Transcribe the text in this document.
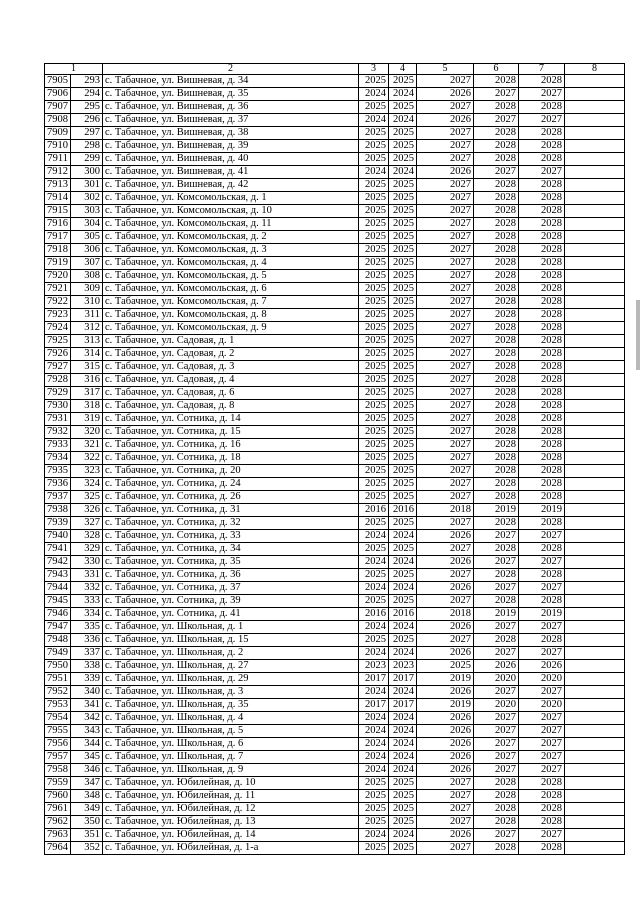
1		2	3	4	5	6	7	8
7905	293	с. Табачное, ул. Вишневая, д. 34	2025	2025	2027	2028	2028	
7906	294	с. Табачное, ул. Вишневая, д. 35	2024	2024	2026	2027	2027	
7907	295	с. Табачное, ул. Вишневая, д. 36	2025	2025	2027	2028	2028	
7908	296	с. Табачное, ул. Вишневая, д. 37	2024	2024	2026	2027	2027	
7909	297	с. Табачное, ул. Вишневая, д. 38	2025	2025	2027	2028	2028	
7910	298	с. Табачное, ул. Вишневая, д. 39	2025	2025	2027	2028	2028	
7911	299	с. Табачное, ул. Вишневая, д. 40	2025	2025	2027	2028	2028	
7912	300	с. Табачное, ул. Вишневая, д. 41	2024	2024	2026	2027	2027	
7913	301	с. Табачное, ул. Вишневая, д. 42	2025	2025	2027	2028	2028	
7914	302	с. Табачное, ул. Комсомольская, д. 1	2025	2025	2027	2028	2028	
7915	303	с. Табачное, ул. Комсомольская, д. 10	2025	2025	2027	2028	2028	
7916	304	с. Табачное, ул. Комсомольская, д. 11	2025	2025	2027	2028	2028	
7917	305	с. Табачное, ул. Комсомольская, д. 2	2025	2025	2027	2028	2028	
7918	306	с. Табачное, ул. Комсомольская, д. 3	2025	2025	2027	2028	2028	
7919	307	с. Табачное, ул. Комсомольская, д. 4	2025	2025	2027	2028	2028	
7920	308	с. Табачное, ул. Комсомольская, д. 5	2025	2025	2027	2028	2028	
7921	309	с. Табачное, ул. Комсомольская, д. 6	2025	2025	2027	2028	2028	
7922	310	с. Табачное, ул. Комсомольская, д. 7	2025	2025	2027	2028	2028	
7923	311	с. Табачное, ул. Комсомольская, д. 8	2025	2025	2027	2028	2028	
7924	312	с. Табачное, ул. Комсомольская, д. 9	2025	2025	2027	2028	2028	
7925	313	с. Табачное, ул. Садовая, д. 1	2025	2025	2027	2028	2028	
7926	314	с. Табачное, ул. Садовая, д. 2	2025	2025	2027	2028	2028	
7927	315	с. Табачное, ул. Садовая, д. 3	2025	2025	2027	2028	2028	
7928	316	с. Табачное, ул. Садовая, д. 4	2025	2025	2027	2028	2028	
7929	317	с. Табачное, ул. Садовая, д. 6	2025	2025	2027	2028	2028	
7930	318	с. Табачное, ул. Садовая, д. 8	2025	2025	2027	2028	2028	
7931	319	с. Табачное, ул. Сотника, д. 14	2025	2025	2027	2028	2028	
7932	320	с. Табачное, ул. Сотника, д. 15	2025	2025	2027	2028	2028	
7933	321	с. Табачное, ул. Сотника, д. 16	2025	2025	2027	2028	2028	
7934	322	с. Табачное, ул. Сотника, д. 18	2025	2025	2027	2028	2028	
7935	323	с. Табачное, ул. Сотника, д. 20	2025	2025	2027	2028	2028	
7936	324	с. Табачное, ул. Сотника, д. 24	2025	2025	2027	2028	2028	
7937	325	с. Табачное, ул. Сотника, д. 26	2025	2025	2027	2028	2028	
7938	326	с. Табачное, ул. Сотника, д. 31	2016	2016	2018	2019	2019	
7939	327	с. Табачное, ул. Сотника, д. 32	2025	2025	2027	2028	2028	
7940	328	с. Табачное, ул. Сотника, д. 33	2024	2024	2026	2027	2027	
7941	329	с. Табачное, ул. Сотника, д. 34	2025	2025	2027	2028	2028	
7942	330	с. Табачное, ул. Сотника, д. 35	2024	2024	2026	2027	2027	
7943	331	с. Табачное, ул. Сотника, д. 36	2025	2025	2027	2028	2028	
7944	332	с. Табачное, ул. Сотника, д. 37	2024	2024	2026	2027	2027	
7945	333	с. Табачное, ул. Сотника, д. 39	2025	2025	2027	2028	2028	
7946	334	с. Табачное, ул. Сотника, д. 41	2016	2016	2018	2019	2019	
7947	335	с. Табачное, ул. Школьная, д. 1	2024	2024	2026	2027	2027	
7948	336	с. Табачное, ул. Школьная, д. 15	2025	2025	2027	2028	2028	
7949	337	с. Табачное, ул. Школьная, д. 2	2024	2024	2026	2027	2027	
7950	338	с. Табачное, ул. Школьная, д. 27	2023	2023	2025	2026	2026	
7951	339	с. Табачное, ул. Школьная, д. 29	2017	2017	2019	2020	2020	
7952	340	с. Табачное, ул. Школьная, д. 3	2024	2024	2026	2027	2027	
7953	341	с. Табачное, ул. Школьная, д. 35	2017	2017	2019	2020	2020	
7954	342	с. Табачное, ул. Школьная, д. 4	2024	2024	2026	2027	2027	
7955	343	с. Табачное, ул. Школьная, д. 5	2024	2024	2026	2027	2027	
7956	344	с. Табачное, ул. Школьная, д. 6	2024	2024	2026	2027	2027	
7957	345	с. Табачное, ул. Школьная, д. 7	2024	2024	2026	2027	2027	
7958	346	с. Табачное, ул. Школьная, д. 9	2024	2024	2026	2027	2027	
7959	347	с. Табачное, ул. Юбилейная, д. 10	2025	2025	2027	2028	2028	
7960	348	с. Табачное, ул. Юбилейная, д. 11	2025	2025	2027	2028	2028	
7961	349	с. Табачное, ул. Юбилейная, д. 12	2025	2025	2027	2028	2028	
7962	350	с. Табачное, ул. Юбилейная, д. 13	2025	2025	2027	2028	2028	
7963	351	с. Табачное, ул. Юбилейная, д. 14	2024	2024	2026	2027	2027	
7964	352	с. Табачное, ул. Юбилейная, д. 1-а	2025	2025	2027	2028	2028	
